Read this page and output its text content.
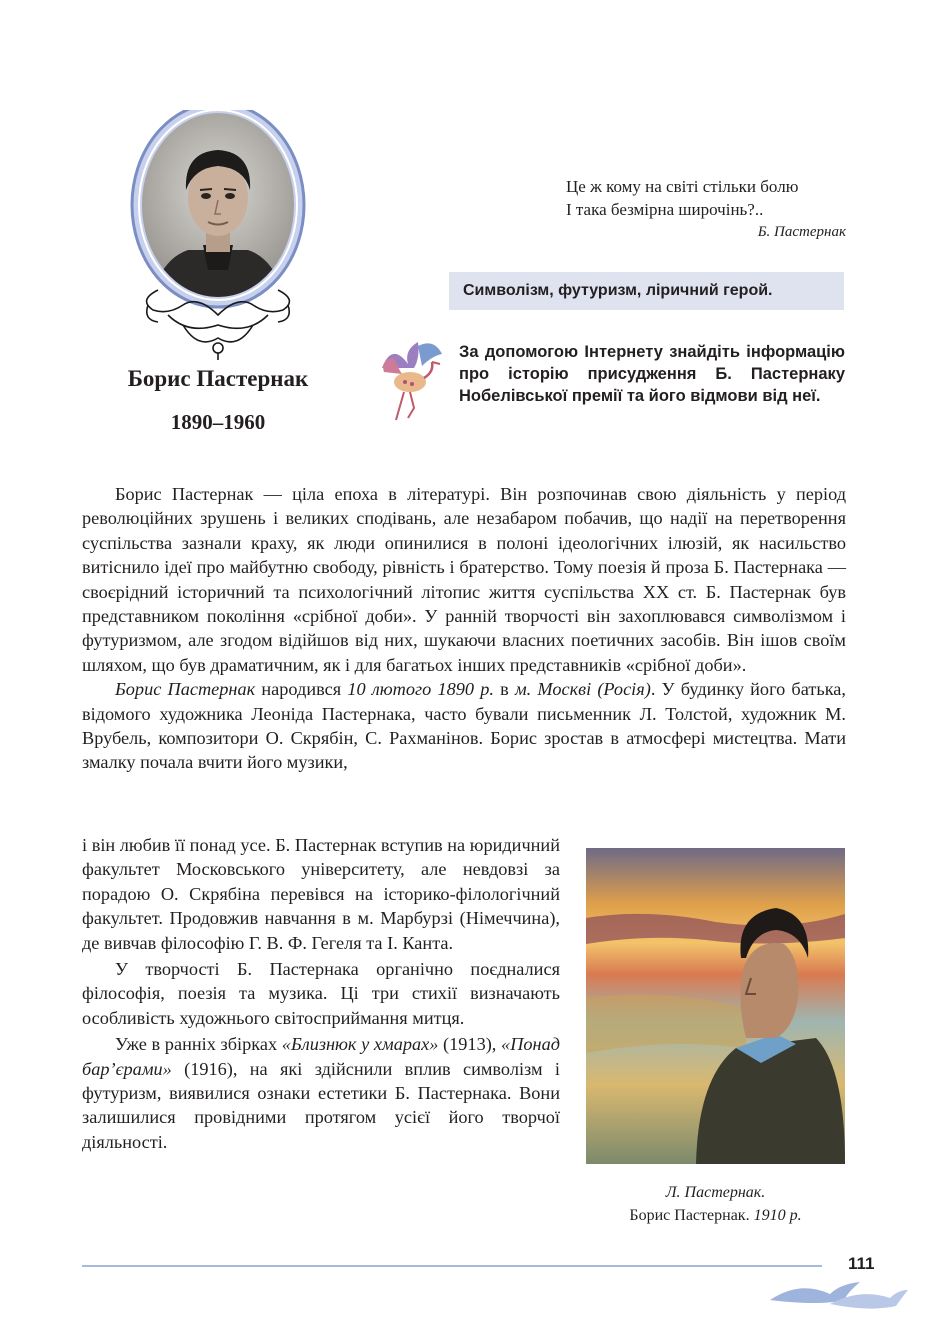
Борис Пастернак
1890–1960
Це ж кому на світі стільки болю
І така безмірна широчінь?..
Б. Пастернак
Символізм, футуризм, ліричний герой.
За допомогою Інтернету знайдіть інформацію про історію присудження Б. Пастернаку Нобелівської премії та його відмови від неї.

Борис Пастернак — ціла епоха в літературі. Він розпочинав свою діяльність у період революційних зрушень і великих сподівань, але незабаром побачив, що надії на перетворення суспільства зазнали краху, як люди опинилися в полоні ідеологічних ілюзій, як насильство витіснило ідеї про майбутню свободу, рівність і братерство. Тому поезія й проза Б. Пастернака — своєрідний історичний та психологічний літопис життя суспільства XX ст. Б. Пастернак був представником покоління «срібної доби». У ранній творчості він захоплювався символізмом і футуризмом, але згодом відійшов від них, шукаючи власних поетичних засобів. Він ішов своїм шляхом, що був драматичним, як і для багатьох інших представників «срібної доби».

Борис Пастернак народився 10 лютого 1890 р. в м. Москві (Росія). У будинку його батька, відомого художника Леоніда Пастернака, часто бували письменник Л. Толстой, художник М. Врубель, композитори О. Скрябін, С. Рахманінов. Борис зростав в атмосфері мистецтва. Мати змалку почала вчити його музики,

і він любив її понад усе. Б. Пастернак вступив на юридичний факультет Московського університету, але невдовзі за порадою О. Скрябіна перевівся на історико-філологічний факультет. Продовжив навчання в м. Марбурзі (Німеччина), де вивчав філософію Г. В. Ф. Гегеля та І. Канта.

У творчості Б. Пастернака органічно поєдналися філософія, поезія та музика. Ці три стихії визначають особливість художнього світосприймання митця.

Уже в ранніх збірках «Близнюк у хмарах» (1913), «Понад бар’єрами» (1916), на які здійснили вплив символізм і футуризм, виявилися ознаки естетики Б. Пастернака. Вони залишилися провідними протягом усієї його творчої діяльності.

Л. Пастернак.
Борис Пастернак. 1910 р.
111
